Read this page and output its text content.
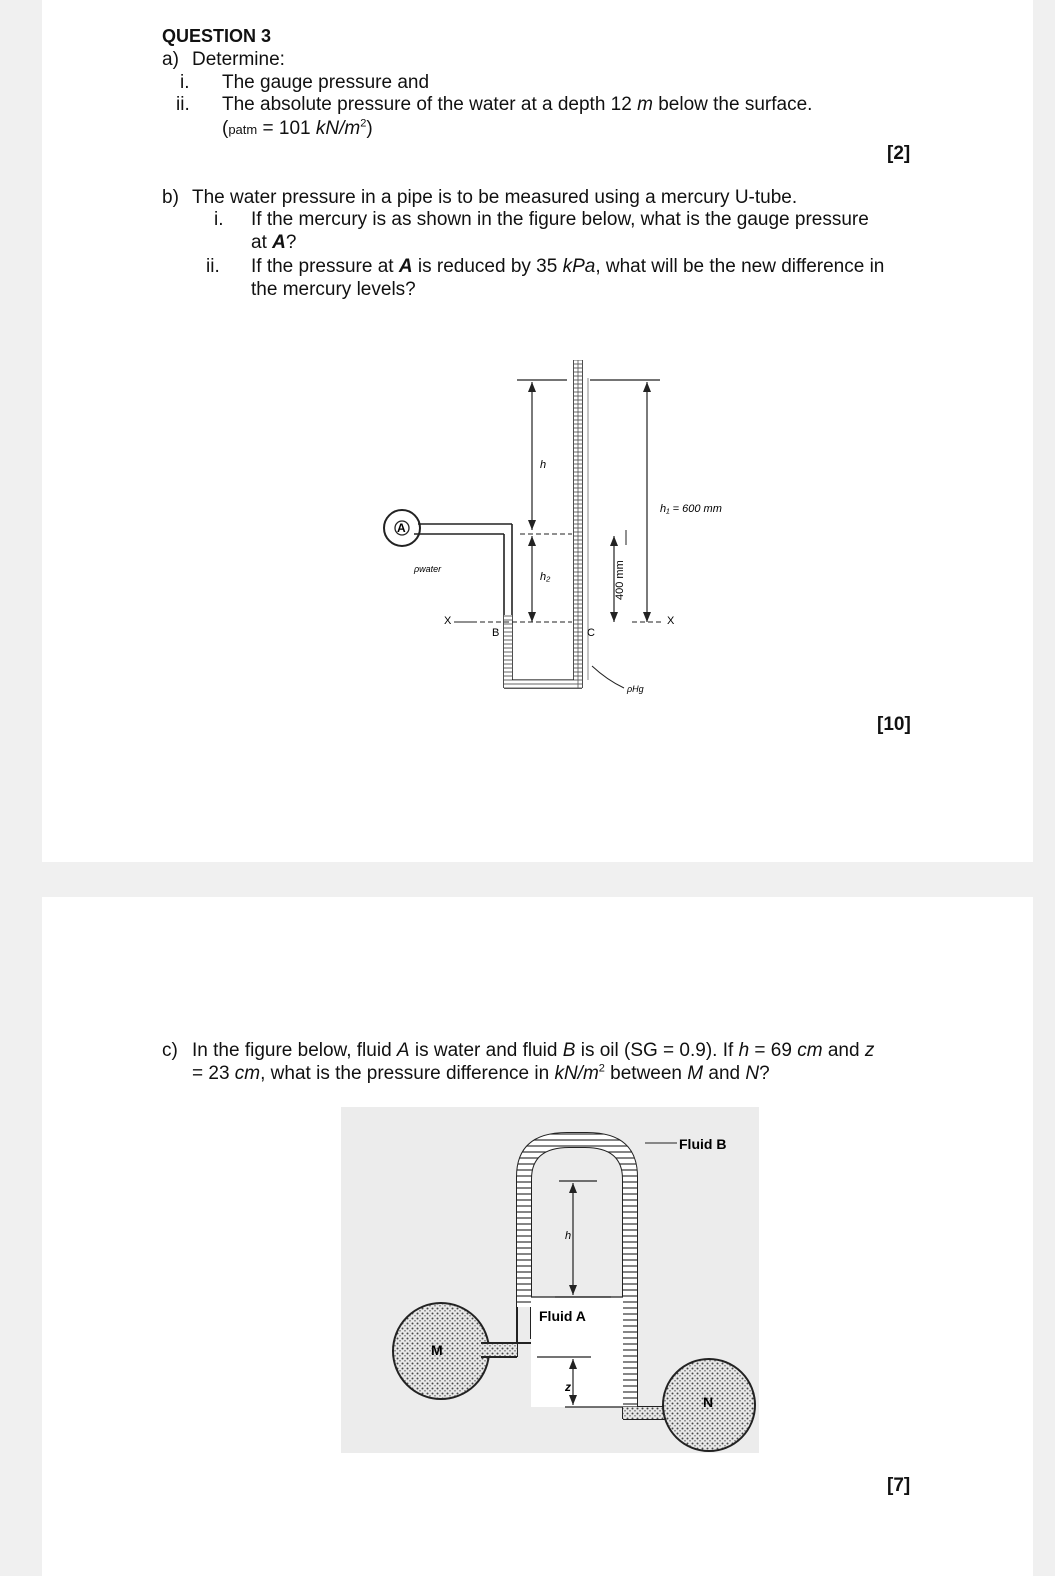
QUESTION 3
a) Determine:
i. The gauge pressure and
ii. The absolute pressure of the water at a depth 12 m below the surface.
(patm = 101 $kN/m^2$)
[2]
b) The water pressure in a pipe is to be measured using a mercury U-tube.
i. If the mercury is as shown in the figure below, what is the gauge pressure
at A?
ii. If the pressure at A is reduced by 35 kPa, what will be the new difference in
the mercury levels?
h
h₂	400 mm
h₁ = 600 mm
A
ρwater
X
B	C
X
ρHg
[10]
c) In the figure below, fluid A is water and fluid B is oil (SG = 0.9). If h = 69 cm and z
= 23 cm, what is the pressure difference in $kN/m^2$ between M and N?
h
Fluid B
Fluid A
M
z
N
[7]
